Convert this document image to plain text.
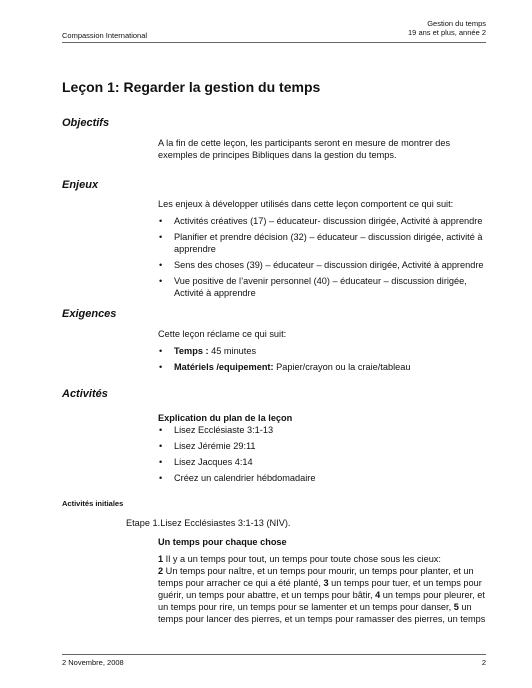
Compassion International
Gestion du temps
19 ans et plus, année 2
Leçon 1: Regarder la gestion du temps
Objectifs

A la fin de cette leçon, les participants seront en mesure de montrer des exemples de principes Bibliques dans la gestion du temps.

Enjeux

Les enjeux à développer utilisés dans cette leçon comportent ce qui suit:

• Activités créatives (17) – éducateur- discussion dirigée, Activité à apprendre
• Planifier et prendre décision (32) – éducateur – discussion dirigée, activité à apprendre
• Sens des choses (39) – éducateur – discussion dirigée, Activité à apprendre
• Vue positive de l’avenir personnel (40) – éducateur – discussion dirigée, Activité à apprendre
Exigences

Cette leçon réclame ce qui suit:

• Temps : 45 minutes
• Matériels /equipement: Papier/crayon ou la craie/tableau
Activités

Explication du plan de la leçon

• Lisez Ecclésiaste 3:1-13
• Lisez Jérémie 29:11
• Lisez Jacques 4:14
• Créez un calendrier hébdomadaire
Activités initiales
Etape 1.Lisez Ecclésiastes 3:1-13 (NIV).

Un temps pour chaque chose

1 Il y a un temps pour tout, un temps pour toute chose sous les cieux:

2 Un temps pour naître, et un temps pour mourir, un temps pour planter, et un temps pour arracher ce qui a été planté, 3 un temps pour tuer, et un temps pour guérir, un temps pour abattre, et un temps pour bâtir, 4 un temps pour pleurer, et un temps pour rire, un temps pour se lamenter et un temps pour danser, 5 un temps pour lancer des pierres, et un temps pour ramasser des pierres, un temps

2 Novembre, 2008	2
